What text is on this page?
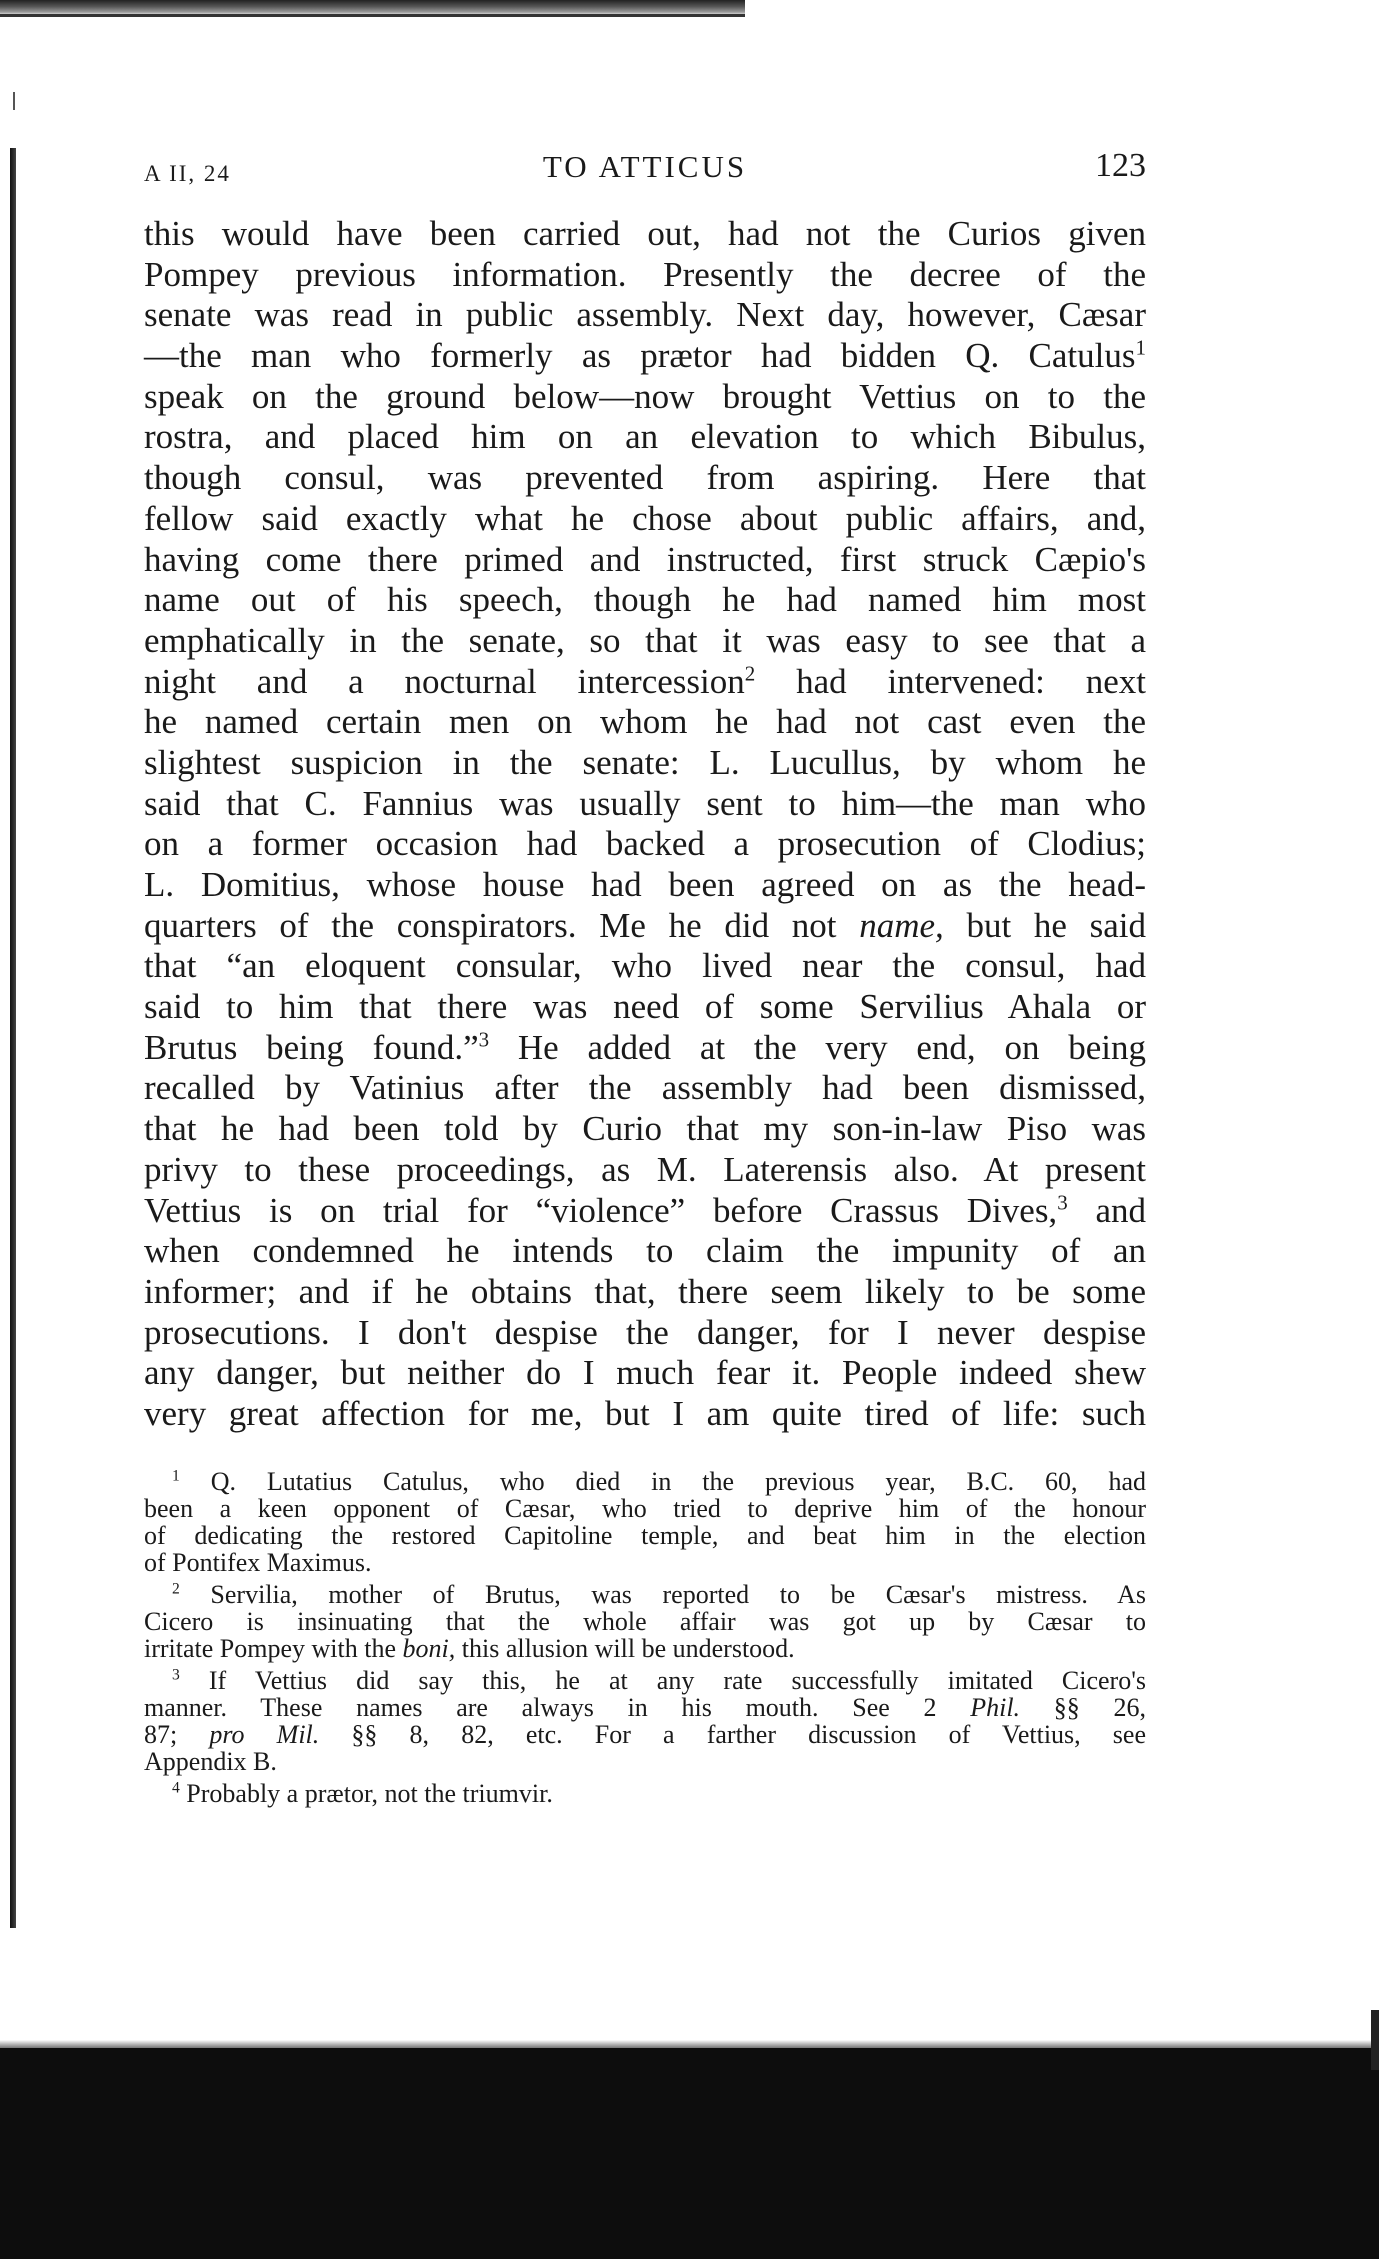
A II, 24	TO ATTICUS	123
this would have been carried out, had not the Curios given
Pompey previous information. Presently the decree of the
senate was read in public assembly. Next day, however, Cæsar
—the man who formerly as prætor had bidden Q. Catulus$^1$
speak on the ground below—now brought Vettius on to the
rostra, and placed him on an elevation to which Bibulus,
though consul, was prevented from aspiring. Here that
fellow said exactly what he chose about public affairs, and,
having come there primed and instructed, first struck Cæpio's
name out of his speech, though he had named him most
emphatically in the senate, so that it was easy to see that a
night and a nocturnal intercession$^2$ had intervened: next
he named certain men on whom he had not cast even the
slightest suspicion in the senate: L. Lucullus, by whom he
said that C. Fannius was usually sent to him—the man who
on a former occasion had backed a prosecution of Clodius;
L. Domitius, whose house had been agreed on as the head-
quarters of the conspirators. Me he did not name, but he said
that “an eloquent consular, who lived near the consul, had
said to him that there was need of some Servilius Ahala or
Brutus being found.”$^3$ He added at the very end, on being
recalled by Vatinius after the assembly had been dismissed,
that he had been told by Curio that my son-in-law Piso was
privy to these proceedings, as M. Laterensis also. At present
Vettius is on trial for “violence” before Crassus Dives,$^3$ and
when condemned he intends to claim the impunity of an
informer; and if he obtains that, there seem likely to be some
prosecutions. I don't despise the danger, for I never despise
any danger, but neither do I much fear it. People indeed shew
very great affection for me, but I am quite tired of life: such
$^1$ Q. Lutatius Catulus, who died in the previous year, B.C. 60, had
been a keen opponent of Cæsar, who tried to deprive him of the honour
of dedicating the restored Capitoline temple, and beat him in the election
of Pontifex Maximus.
$^2$ Servilia, mother of Brutus, was reported to be Cæsar's mistress. As
Cicero is insinuating that the whole affair was got up by Cæsar to
irritate Pompey with the boni, this allusion will be understood.
$^3$ If Vettius did say this, he at any rate successfully imitated Cicero's
manner. These names are always in his mouth. See 2 Phil. §§ 26,
87; pro Mil. §§ 8, 82, etc. For a farther discussion of Vettius, see
Appendix B.
$^4$ Probably a prætor, not the triumvir.
